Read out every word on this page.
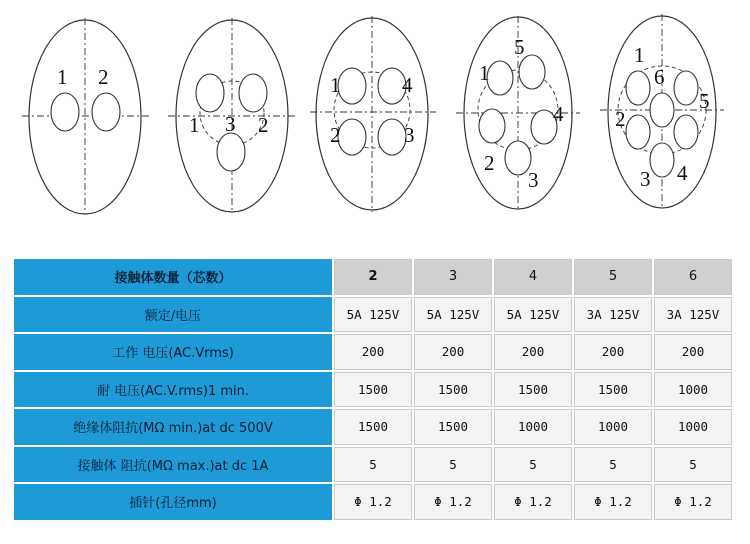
1 2
1 3 2
1	4
2	3
5
1
4
2
3
1
6
5
2
3 4
接触体数量（芯数）	2	3	4	5	6
额定/电压	5A 125V	5A 125V	5A 125V	3A 125V	3A 125V
工作 电压(AC.Vrms)	200	200	200	200	200
耐 电压(AC.V.rms)1 min.	1500	1500	1500	1500	1000
绝缘体阻抗(MΩ min.)at dc 500V	1500	1500	1000	1000	1000
接触体 阻抗(MΩ max.)at dc 1A	5	5	5	5	5
插针(孔径mm)	Φ 1.2	Φ 1.2	Φ 1.2	Φ 1.2	Φ 1.2
